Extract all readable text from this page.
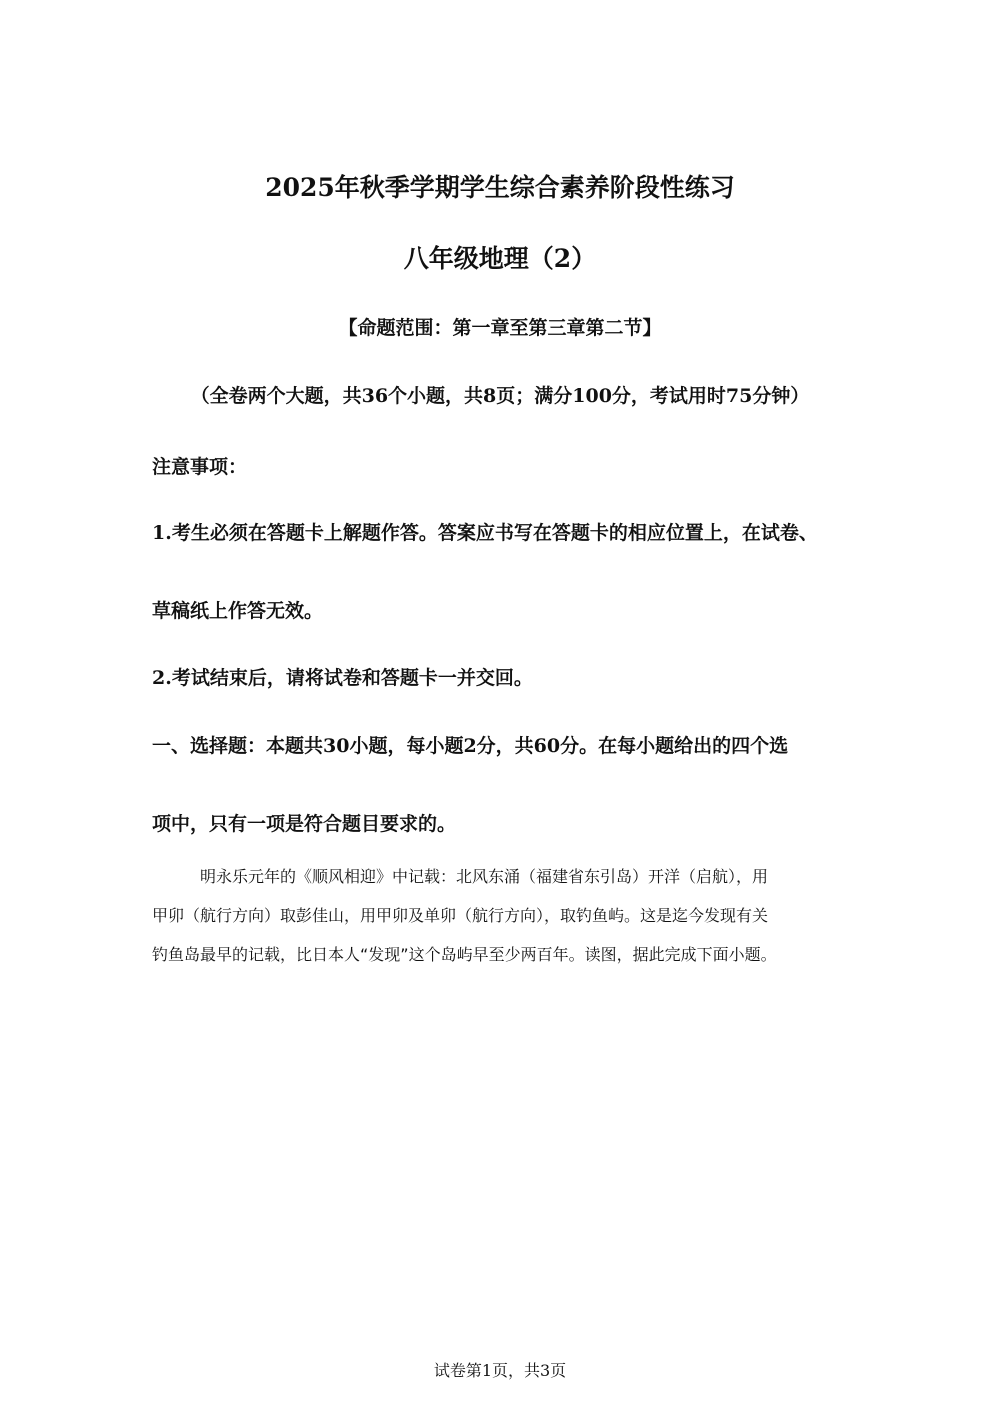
2025年秋季学期学生综合素养阶段性练习
八年级地理（2）
【命题范围：第一章至第三章第二节】
（全卷两个大题，共36个小题，共8页；满分100分，考试用时75分钟）
注意事项：
1.考生必须在答题卡上解题作答。答案应书写在答题卡的相应位置上，在试卷、
草稿纸上作答无效。
2.考试结束后，请将试卷和答题卡一并交回。
一、选择题：本题共30小题，每小题2分，共60分。在每小题给出的四个选
项中，只有一项是符合题目要求的。
明永乐元年的《顺风相迎》中记载：北风东涌（福建省东引岛）开洋（启航），用
甲卯（航行方向）取彭佳山，用甲卯及单卯（航行方向），取钓鱼屿。这是迄今发现有关
钓鱼岛最早的记载，比日本人“发现”这个岛屿早至少两百年。读图，据此完成下面小题。
试卷第1页，共3页
